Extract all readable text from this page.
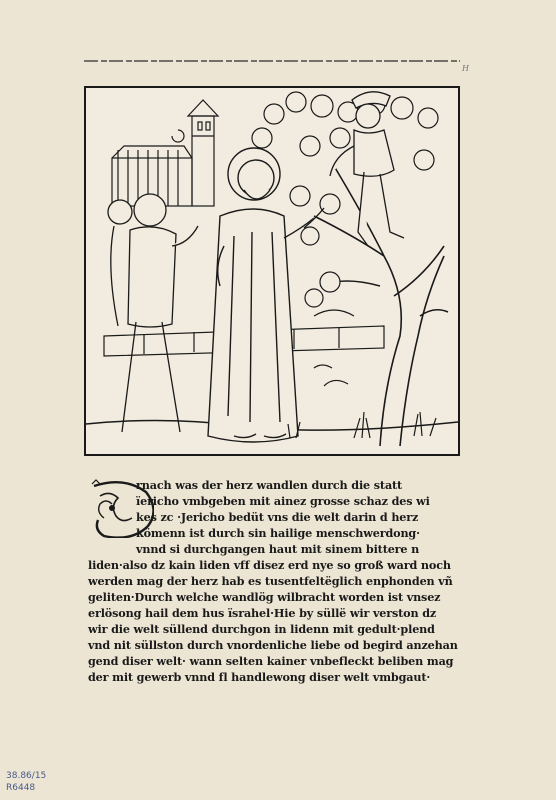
H
rnach was der herz wandlen durch die statt
ïericho vmbgeben mit ainez grosse schaz des wi
kes zc ·Jericho bedüt vns die welt darin d herz
kömenn ist durch sin hailige menschwerdong·
vnnd si durchgangen haut mit sinem bittere n
liden·also dz kain liden vff disez erd nye so groß ward noch
werden mag der herz hab es tusentfeltëglich enphonden vñ
geliten·Durch welche wandlög wilbracht worden ist vnsez
erlösong hail dem hus ïsrahel·Hie by süllë wir verston dz
wir die welt süllend durchgon in lidenn mit gedult·plend
vnd nit süllston durch vnordenliche liebe od begird anzehan
gend diser welt· wann selten kainer vnbefleckt beliben mag
der mit gewerb vnnd fl handlewong diser welt vmbgaut·
38.86/15
R6448
